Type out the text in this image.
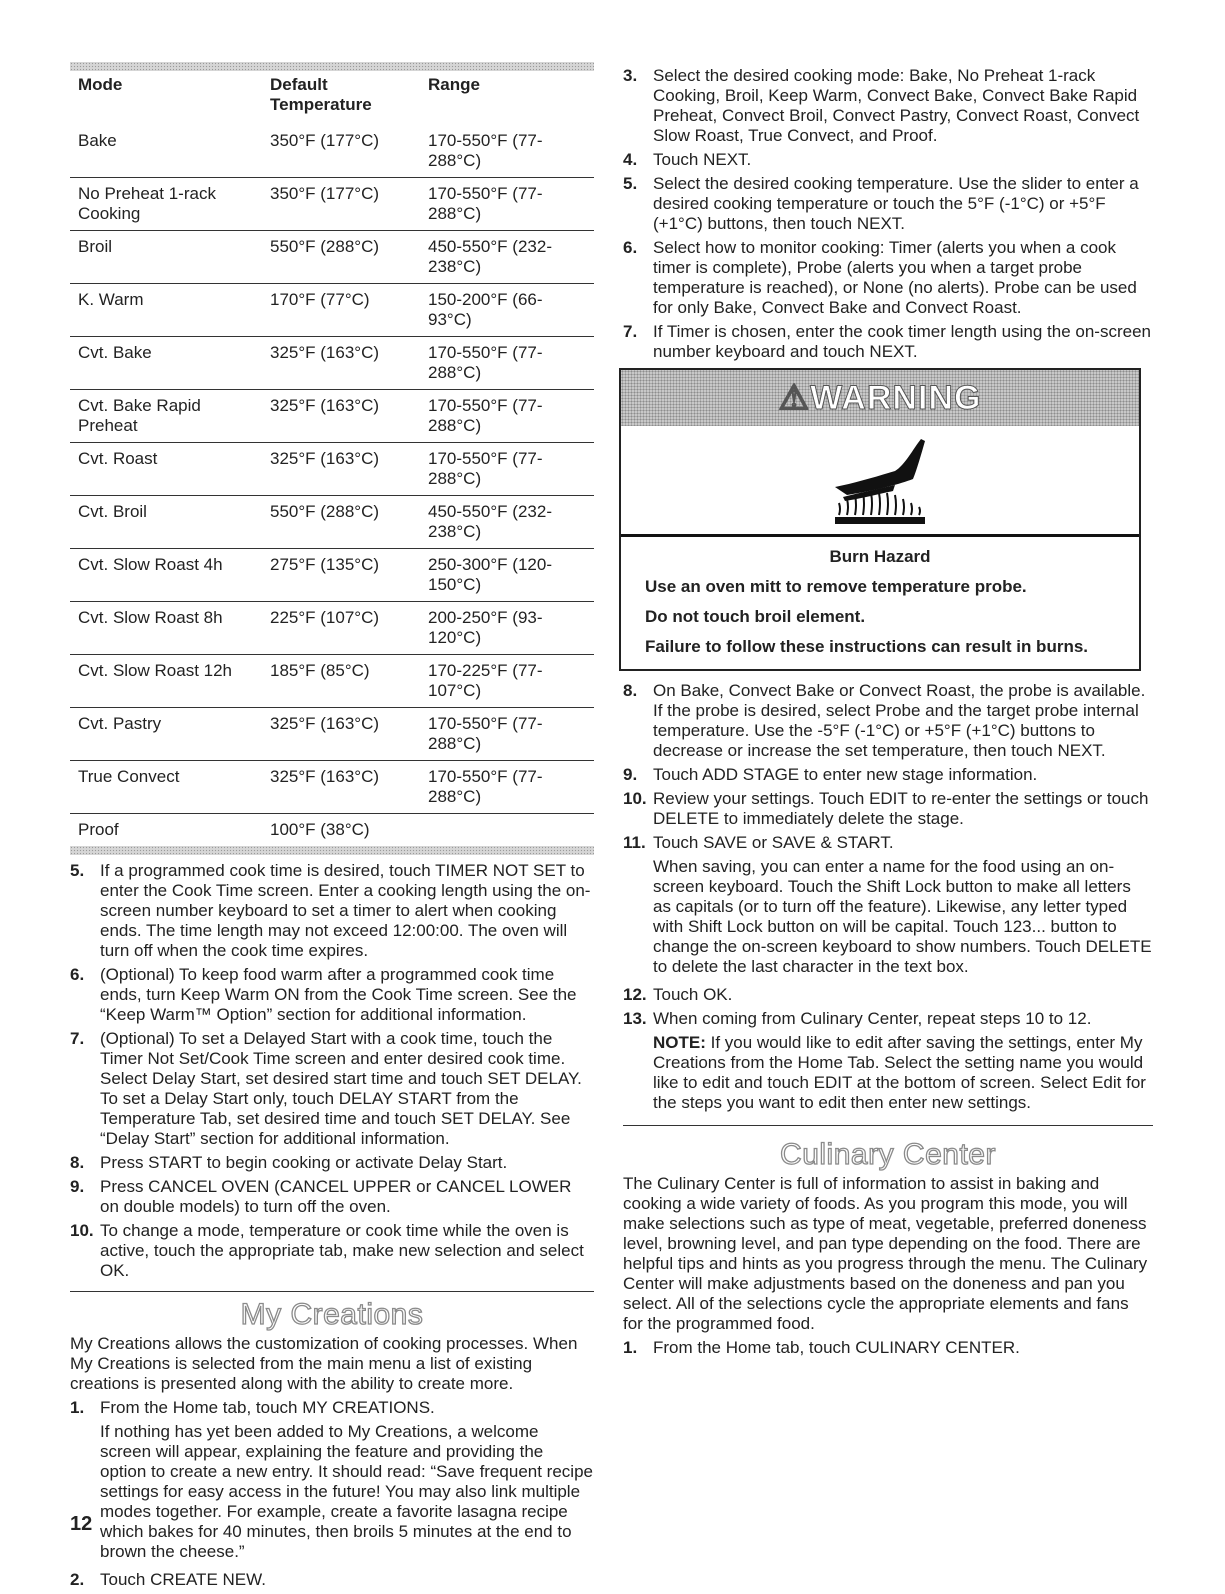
Mode	Default Temperature	Range
Bake	350°F (177°C)	170-550°F (77-288°C)
No Preheat 1-rack Cooking	350°F (177°C)	170-550°F (77-288°C)
Broil	550°F (288°C)	450-550°F (232-238°C)
K. Warm	170°F (77°C)	150-200°F (66-93°C)
Cvt. Bake	325°F (163°C)	170-550°F (77-288°C)
Cvt. Bake Rapid Preheat	325°F (163°C)	170-550°F (77-288°C)
Cvt. Roast	325°F (163°C)	170-550°F (77-288°C)
Cvt. Broil	550°F (288°C)	450-550°F (232-238°C)
Cvt. Slow Roast 4h	275°F (135°C)	250-300°F (120-150°C)
Cvt. Slow Roast 8h	225°F (107°C)	200-250°F (93-120°C)
Cvt. Slow Roast 12h	185°F (85°C)	170-225°F (77-107°C)
Cvt. Pastry	325°F (163°C)	170-550°F (77-288°C)
True Convect	325°F (163°C)	170-550°F (77-288°C)
Proof	100°F (38°C)	
5. If a programmed cook time is desired, touch TIMER NOT SET to enter the Cook Time screen. Enter a cooking length using the on-screen number keyboard to set a timer to alert when cooking ends. The time length may not exceed 12:00:00. The oven will turn off when the cook time expires.
6. (Optional) To keep food warm after a programmed cook time ends, turn Keep Warm ON from the Cook Time screen. See the “Keep Warm™ Option” section for additional information.
7. (Optional) To set a Delayed Start with a cook time, touch the Timer Not Set/Cook Time screen and enter desired cook time. Select Delay Start, set desired start time and touch SET DELAY. To set a Delay Start only, touch DELAY START from the Temperature Tab, set desired time and touch SET DELAY. See “Delay Start” section for additional information.
8. Press START to begin cooking or activate Delay Start.
9. Press CANCEL OVEN (CANCEL UPPER or CANCEL LOWER on double models) to turn off the oven.
10. To change a mode, temperature or cook time while the oven is active, touch the appropriate tab, make new selection and select OK.
My Creations

My Creations allows the customization of cooking processes. When My Creations is selected from the main menu a list of existing creations is presented along with the ability to create more.

1. From the Home tab, touch MY CREATIONS.
If nothing has yet been added to My Creations, a welcome screen will appear, explaining the feature and providing the option to create a new entry. It should read: “Save frequent recipe settings for easy access in the future! You may also link multiple modes together. For example, create a favorite lasagna recipe which bakes for 40 minutes, then broils 5 minutes at the end to brown the cheese.”
2. Touch CREATE NEW.
3. Select the desired cooking mode: Bake, No Preheat 1-rack Cooking, Broil, Keep Warm, Convect Bake, Convect Bake Rapid Preheat, Convect Broil, Convect Pastry, Convect Roast, Convect Slow Roast, True Convect, and Proof.
4. Touch NEXT.
5. Select the desired cooking temperature. Use the slider to enter a desired cooking temperature or touch the 5°F (-1°C) or +5°F (+1°C) buttons, then touch NEXT.
6. Select how to monitor cooking: Timer (alerts you when a cook timer is complete), Probe (alerts you when a target probe temperature is reached), or None (no alerts). Probe can be used for only Bake, Convect Bake and Convect Roast.
7. If Timer is chosen, enter the cook timer length using the on-screen number keyboard and touch NEXT.
⚠WARNING
Burn Hazard

Use an oven mitt to remove temperature probe.

Do not touch broil element.

Failure to follow these instructions can result in burns.

8. On Bake, Convect Bake or Convect Roast, the probe is available. If the probe is desired, select Probe and the target probe internal temperature. Use the -5°F (-1°C) or +5°F (+1°C) buttons to decrease or increase the set temperature, then touch NEXT.
9. Touch ADD STAGE to enter new stage information.
10. Review your settings. Touch EDIT to re-enter the settings or touch DELETE to immediately delete the stage.
11. Touch SAVE or SAVE & START.
When saving, you can enter a name for the food using an on-screen keyboard. Touch the Shift Lock button to make all letters as capitals (or to turn off the feature). Likewise, any letter typed with Shift Lock button on will be capital. Touch 123... button to change the on-screen keyboard to show numbers. Touch DELETE to delete the last character in the text box.
12. Touch OK.
13. When coming from Culinary Center, repeat steps 10 to 12.
NOTE: If you would like to edit after saving the settings, enter My Creations from the Home Tab. Select the setting name you would like to edit and touch EDIT at the bottom of screen. Select Edit for the steps you want to edit then enter new settings.
Culinary Center

The Culinary Center is full of information to assist in baking and cooking a wide variety of foods. As you program this mode, you will make selections such as type of meat, vegetable, preferred doneness level, browning level, and pan type depending on the food. There are helpful tips and hints as you progress through the menu. The Culinary Center will make adjustments based on the doneness and pan you select. All of the selections cycle the appropriate elements and fans for the programmed food.

1. From the Home tab, touch CULINARY CENTER.
12
